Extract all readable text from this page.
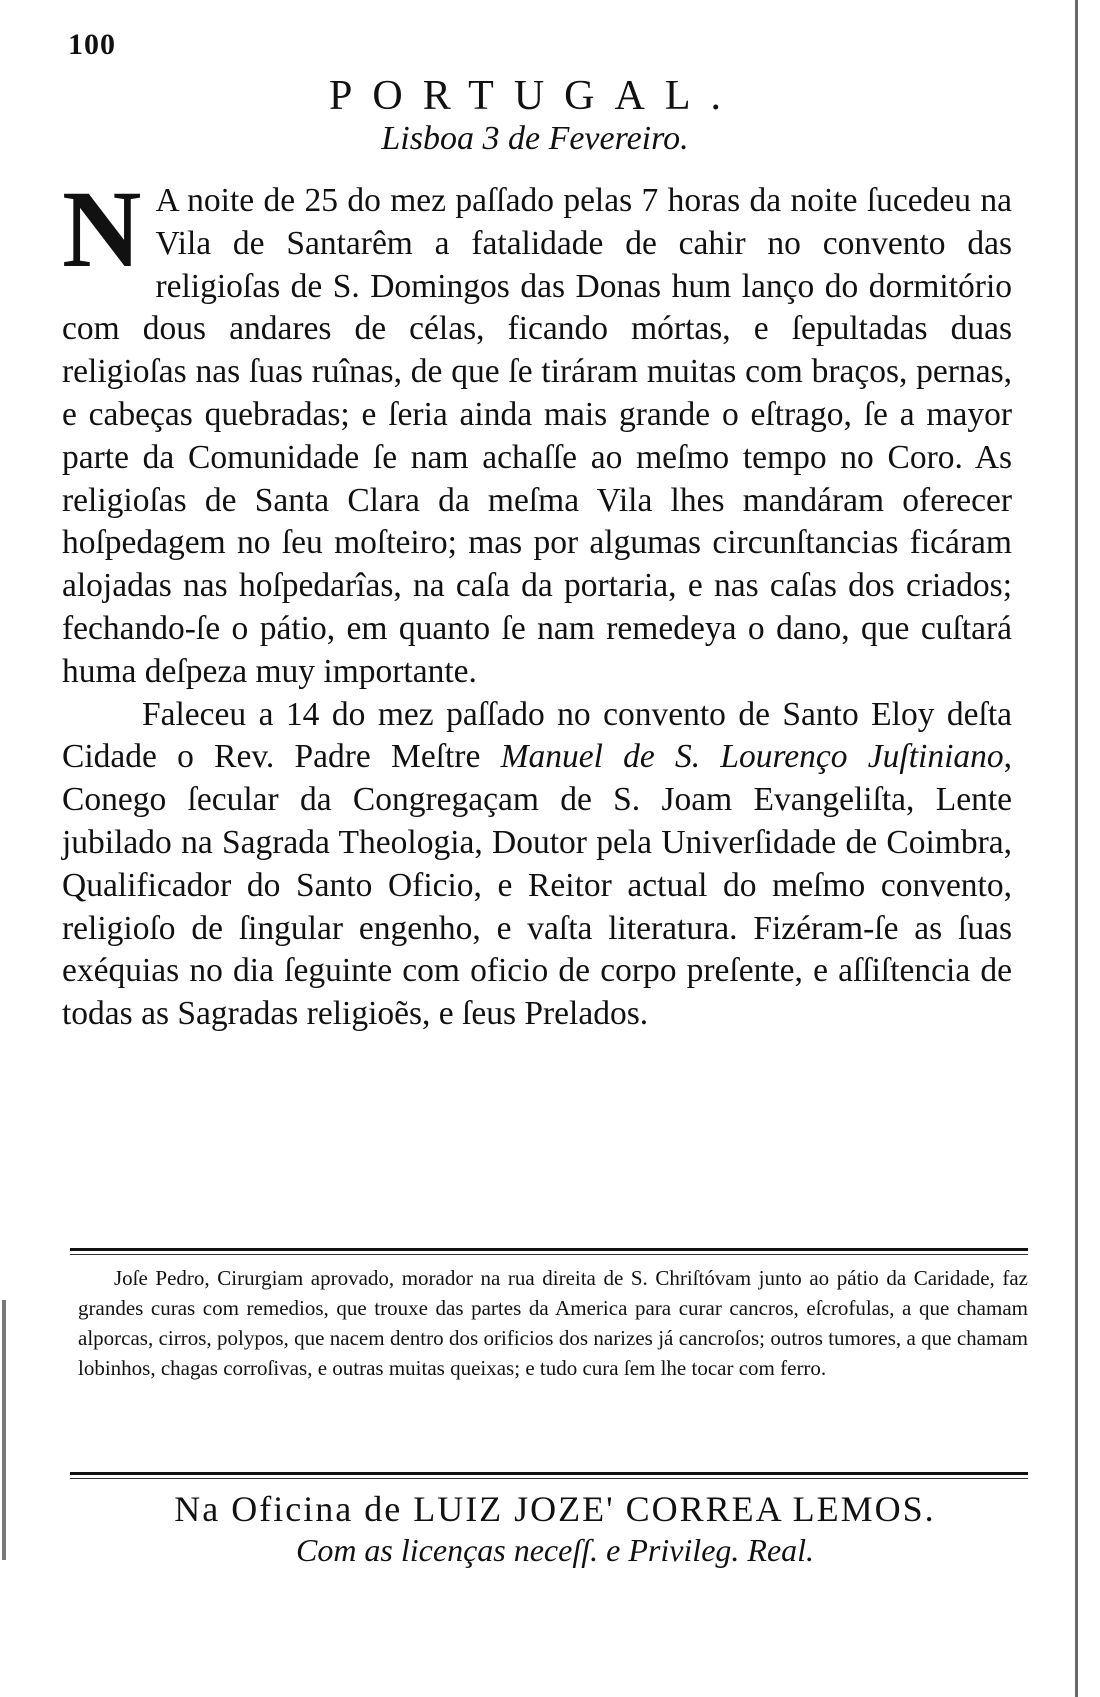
100
PORTUGAL.
Lisboa 3 de Fevereiro.

N A noite de 25 do mez paſſado pelas 7 horas da noite ſucedeu na Vila de Santarêm a fatalidade de cahir no convento das religioſas de S. Domingos das Donas hum lanço do dormitório com dous andares de célas, ficando mórtas, e ſepultadas duas religioſas nas ſuas ruînas, de que ſe tiráram muitas com braços, pernas, e cabeças quebradas; e ſeria ainda mais grande o eſtrago, ſe a mayor parte da Comunidade ſe nam achaſſe ao meſmo tempo no Coro. As religioſas de Santa Clara da meſma Vila lhes mandáram oferecer hoſpedagem no ſeu moſteiro; mas por algumas circunſtancias ficáram alojadas nas hoſpedarîas, na caſa da portaria, e nas caſas dos criados; fechando-ſe o pátio, em quanto ſe nam remedeya o dano, que cuſtará huma deſpeza muy importante.

Faleceu a 14 do mez paſſado no convento de Santo Eloy deſta Cidade o Rev. Padre Meſtre Manuel de S. Lourenço Juſtiniano, Conego ſecular da Congregaçam de S. Joam Evangeliſta, Lente jubilado na Sagrada Theologia, Doutor pela Univerſidade de Coimbra, Qualificador do Santo Oficio, e Reitor actual do meſmo convento, religioſo de ſingular engenho, e vaſta literatura. Fizéram-ſe as ſuas exéquias no dia ſeguinte com oficio de corpo preſente, e aſſiſtencia de todas as Sagradas religioẽs, e ſeus Prelados.

Joſe Pedro, Cirurgiam aprovado, morador na rua direita de S. Chriſtóvam junto ao pátio da Caridade, faz grandes curas com remedios, que trouxe das partes da America para curar cancros, eſcrofulas, a que chamam alporcas, cirros, polypos, que nacem dentro dos orificios dos narizes já cancroſos; outros tumores, a que chamam lobinhos, chagas corroſivas, e outras muitas queixas; e tudo cura ſem lhe tocar com ferro.
Na Oficina de LUIZ JOZE' CORREA LEMOS.
Com as licenças neceſſ. e Privileg. Real.
